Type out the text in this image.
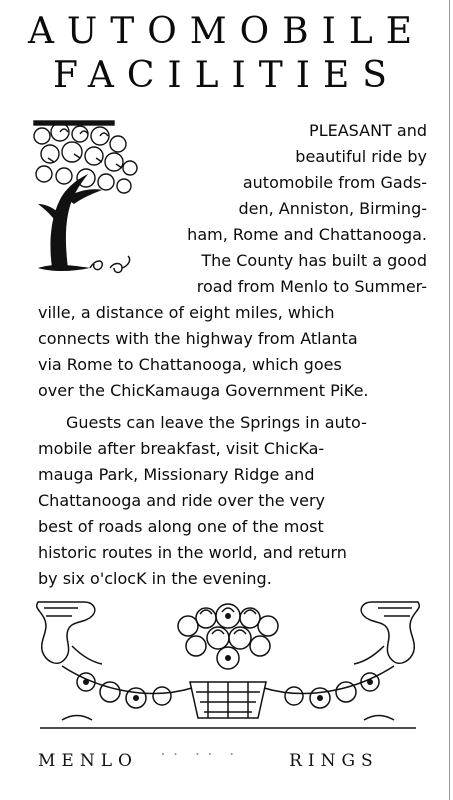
AUTOMOBILE
FACILITIES
PLEASANT and
beautiful ride by
automobile from Gads-
den, Anniston, Birming-
ham, Rome and Chattanooga.
The County has built a good
road from Menlo to Summer-
ville, a distance of eight miles, which
connects with the highway from Atlanta
via Rome to Chattanooga, which goes
over the ChicKamauga Government PiKe.
Guests can leave the Springs in auto-
mobile after breakfast, visit ChicKa-
mauga Park, Missionary Ridge and
Chattanooga and ride over the very
best of roads along one of the most
historic routes in the world, and return
by six o'clocK in the evening.
MENLO  ˙˙ ˙˙ ˙     RINGS
